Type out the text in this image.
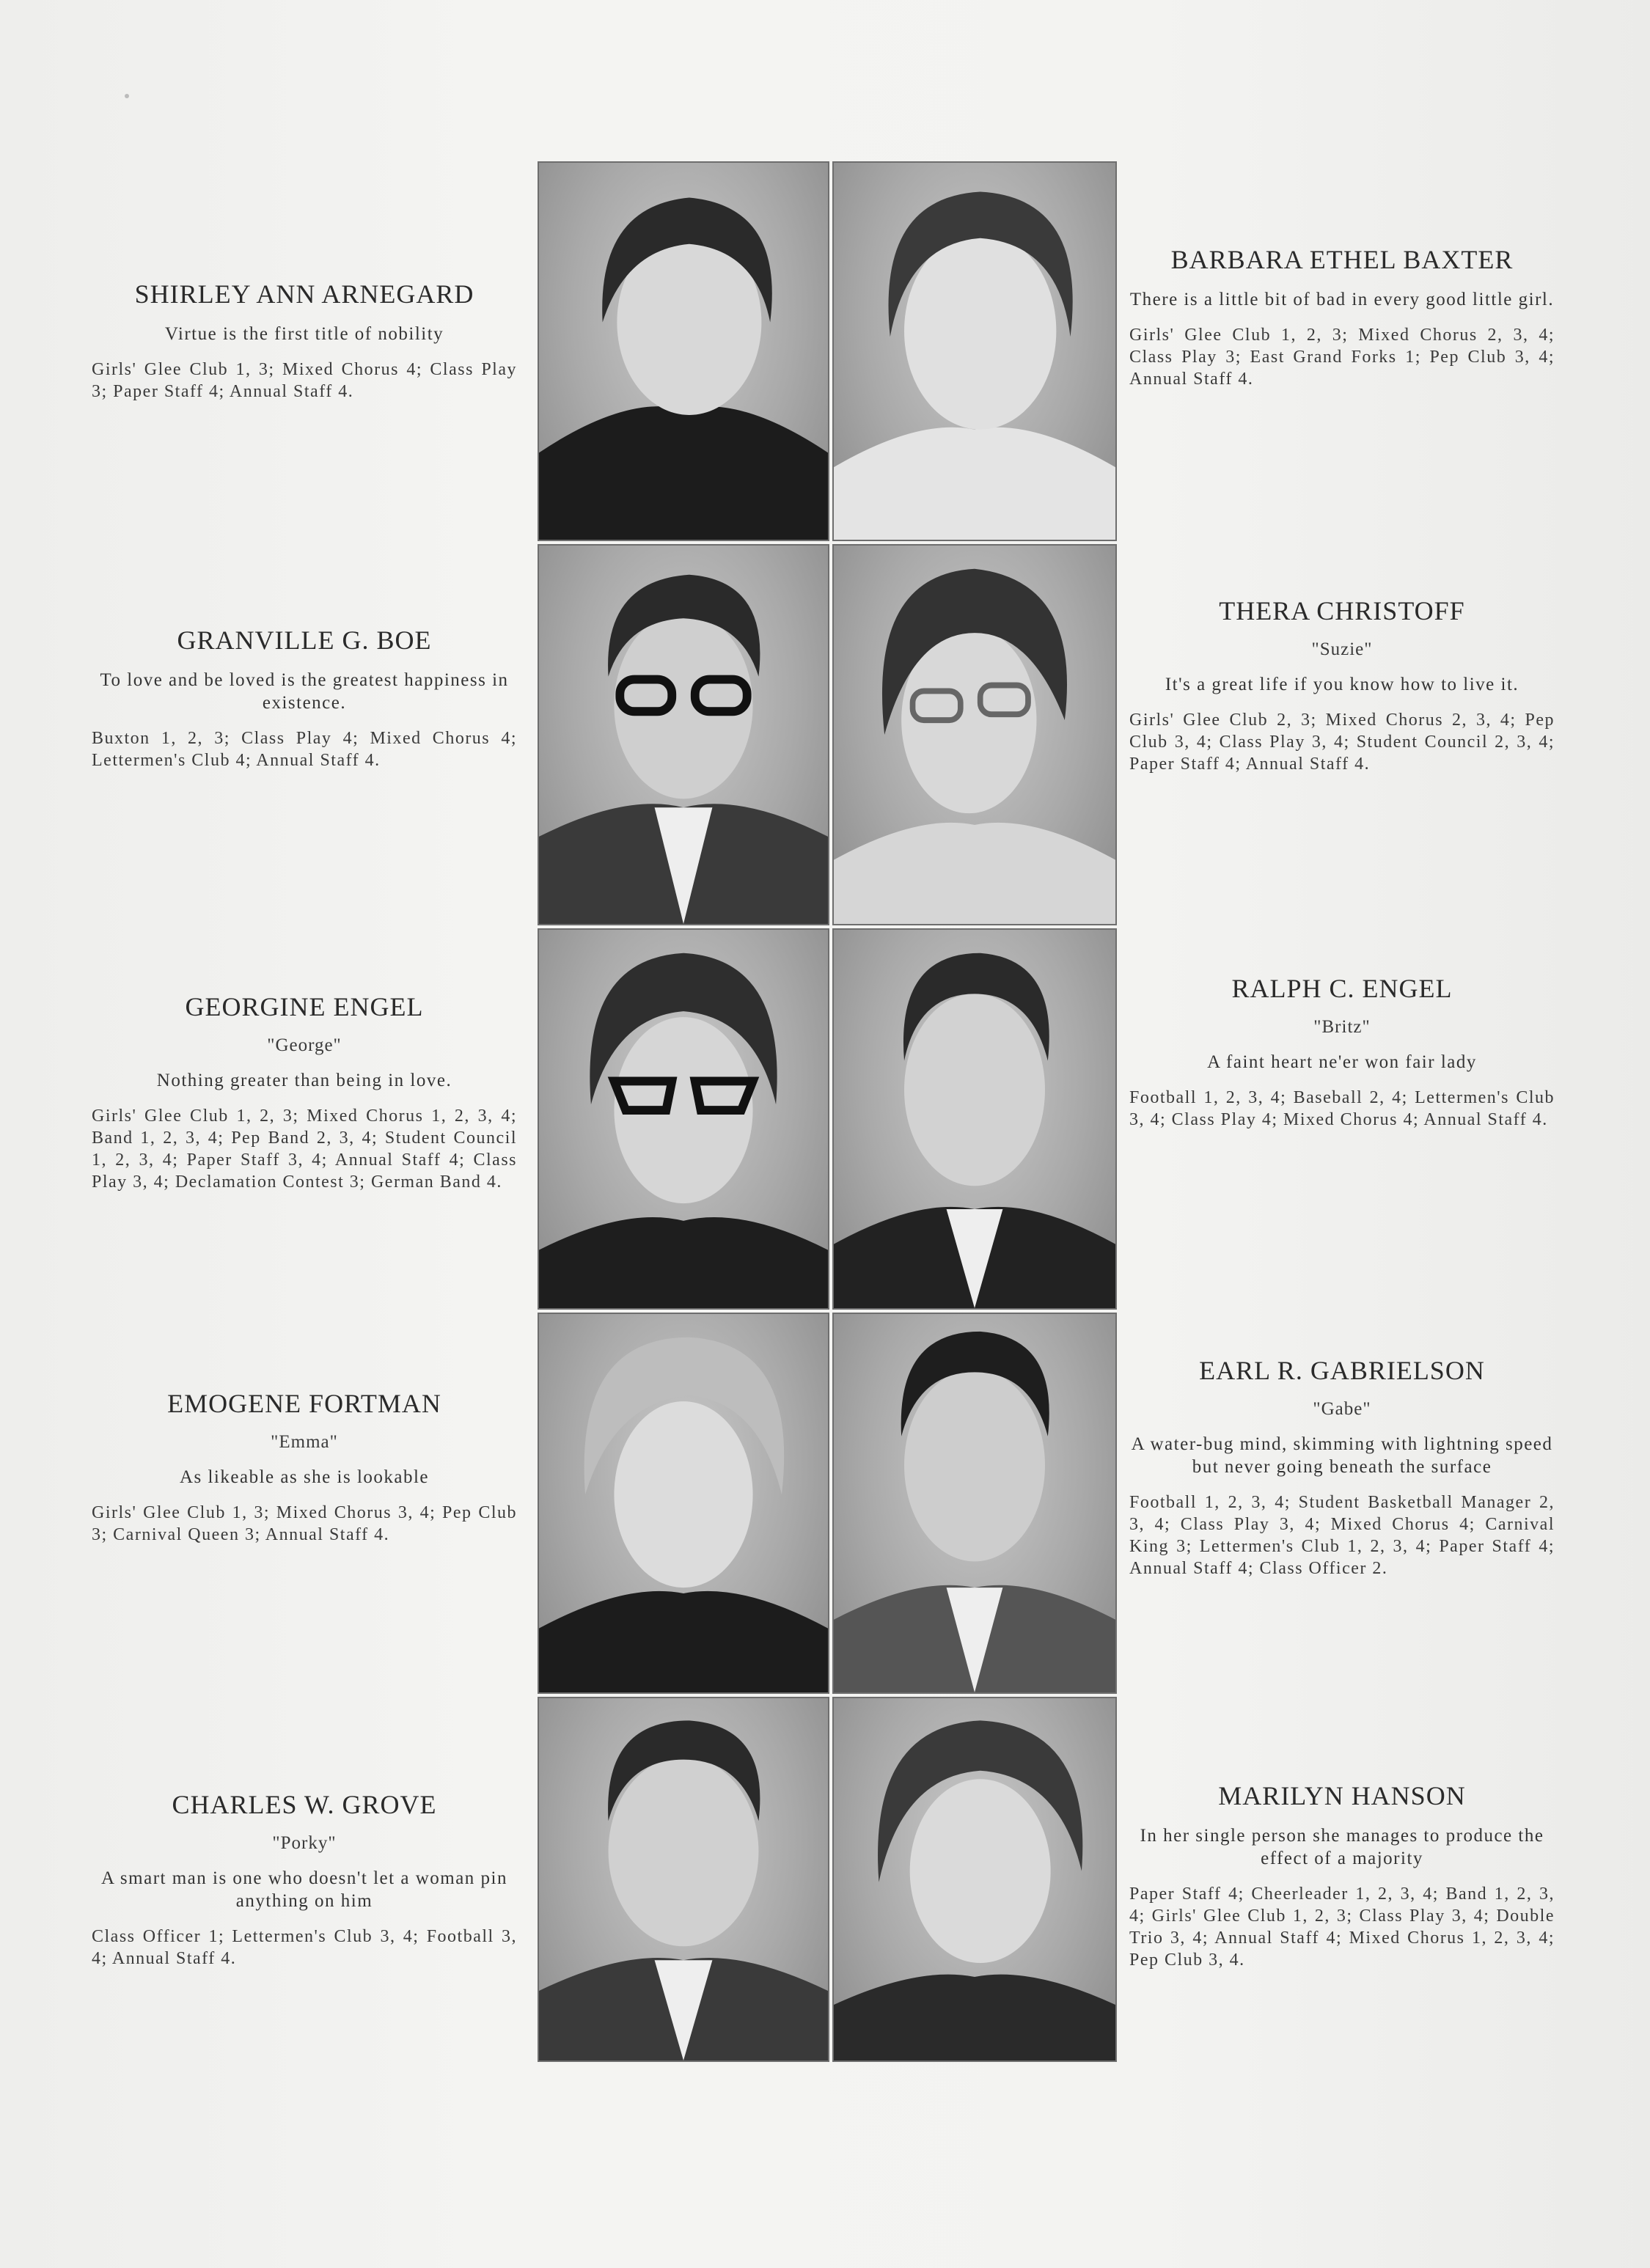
SHIRLEY ANN ARNEGARD
Virtue is the first title of nobility
Girls' Glee Club 1, 3; Mixed Chorus 4; Class Play 3; Paper Staff 4; Annual Staff 4.
BARBARA ETHEL BAXTER
There is a little bit of bad in every good little girl.
Girls' Glee Club 1, 2, 3; Mixed Chorus 2, 3, 4; Class Play 3; East Grand Forks 1; Pep Club 3, 4; Annual Staff 4.
GRANVILLE G. BOE
To love and be loved is the greatest happiness in existence.
Buxton 1, 2, 3; Class Play 4; Mixed Chorus 4; Lettermen's Club 4; Annual Staff 4.
THERA CHRISTOFF
"Suzie"
It's a great life if you know how to live it.
Girls' Glee Club 2, 3; Mixed Chorus 2, 3, 4; Pep Club 3, 4; Class Play 3, 4; Student Council 2, 3, 4; Paper Staff 4; Annual Staff 4.
GEORGINE ENGEL
"George"
Nothing greater than being in love.
Girls' Glee Club 1, 2, 3; Mixed Chorus 1, 2, 3, 4; Band 1, 2, 3, 4; Pep Band 2, 3, 4; Student Council 1, 2, 3, 4; Paper Staff 3, 4; Annual Staff 4; Class Play 3, 4; Declamation Contest 3; German Band 4.
RALPH C. ENGEL
"Britz"
A faint heart ne'er won fair lady
Football 1, 2, 3, 4; Baseball 2, 4; Lettermen's Club 3, 4; Class Play 4; Mixed Chorus 4; Annual Staff 4.
EMOGENE FORTMAN
"Emma"
As likeable as she is lookable
Girls' Glee Club 1, 3; Mixed Chorus 3, 4; Pep Club 3; Carnival Queen 3; Annual Staff 4.
EARL R. GABRIELSON
"Gabe"
A water-bug mind, skimming with lightning speed but never going beneath the surface
Football 1, 2, 3, 4; Student Basketball Manager 2, 3, 4; Class Play 3, 4; Mixed Chorus 4; Carnival King 3; Lettermen's Club 1, 2, 3, 4; Paper Staff 4; Annual Staff 4; Class Officer 2.
CHARLES W. GROVE
"Porky"
A smart man is one who doesn't let a woman pin anything on him
Class Officer 1; Lettermen's Club 3, 4; Football 3, 4; Annual Staff 4.
MARILYN HANSON
In her single person she manages to produce the effect of a majority
Paper Staff 4; Cheerleader 1, 2, 3, 4; Band 1, 2, 3, 4; Girls' Glee Club 1, 2, 3; Class Play 3, 4; Double Trio 3, 4; Annual Staff 4; Mixed Chorus 1, 2, 3, 4; Pep Club 3, 4.
